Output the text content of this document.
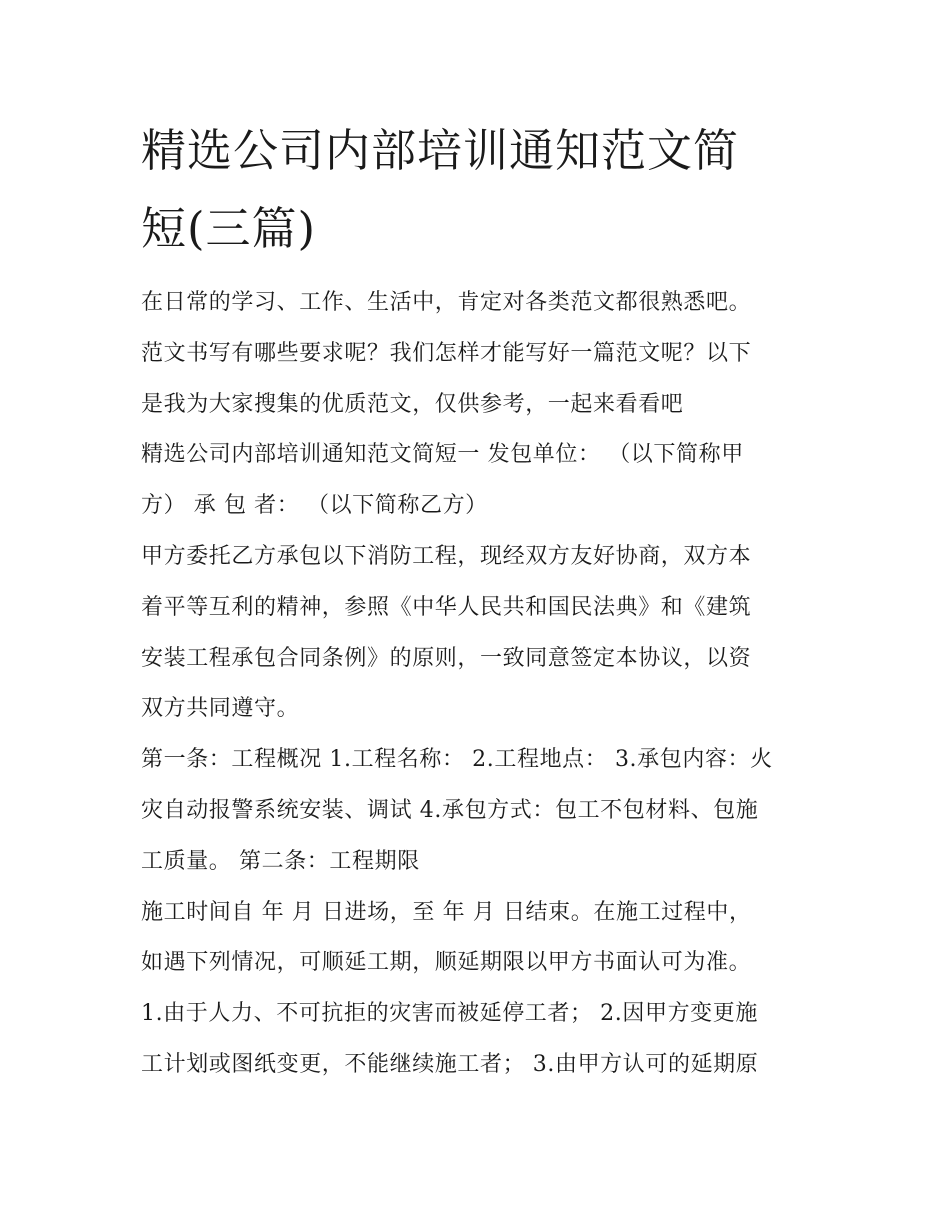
精选公司内部培训通知范文简
短(三篇)
在日常的学习、工作、生活中，肯定对各类范文都很熟悉吧。
范文书写有哪些要求呢？我们怎样才能写好一篇范文呢？以下
是我为大家搜集的优质范文，仅供参考，一起来看看吧
精选公司内部培训通知范文简短一 发包单位： （以下简称甲
方） 承 包 者： （以下简称乙方）
甲方委托乙方承包以下消防工程，现经双方友好协商，双方本
着平等互利的精神，参照《中华人民共和国民法典》和《建筑
安装工程承包合同条例》的原则，一致同意签定本协议，以资
双方共同遵守。
第一条：工程概况 1.工程名称： 2.工程地点： 3.承包内容：火
灾自动报警系统安装、调试 4.承包方式：包工不包材料、包施
工质量。 第二条：工程期限
施工时间自 年 月 日进场，至 年 月 日结束。在施工过程中，
如遇下列情况，可顺延工期，顺延期限以甲方书面认可为准。
1.由于人力、不可抗拒的灾害而被延停工者； 2.因甲方变更施
工计划或图纸变更，不能继续施工者； 3.由甲方认可的延期原
